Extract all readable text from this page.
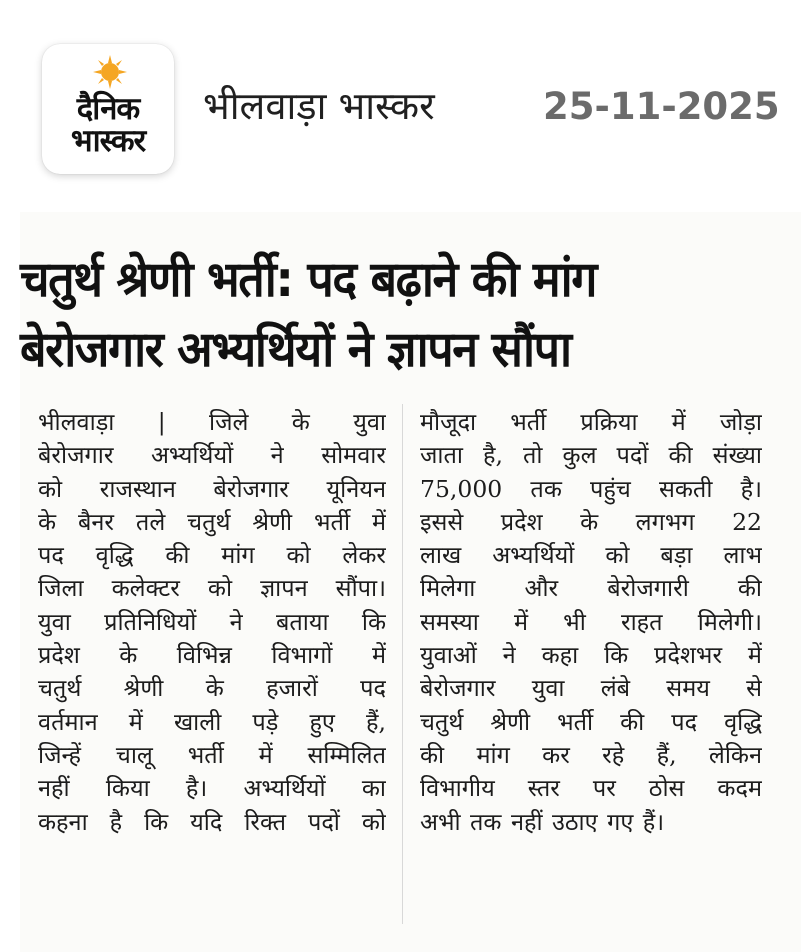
दैनिक
भास्कर
भीलवाड़ा भास्कर	25-11-2025
चतुर्थ श्रेणी भर्ती: पद बढ़ाने की मांग
बेरोजगार अभ्यर्थियों ने ज्ञापन सौंपा
भीलवाड़ा | जिले के युवा
बेरोजगार अभ्यर्थियों ने सोमवार
को राजस्थान बेरोजगार यूनियन
के बैनर तले चतुर्थ श्रेणी भर्ती में
पद वृद्धि की मांग को लेकर
जिला कलेक्टर को ज्ञापन सौंपा।
युवा प्रतिनिधियों ने बताया कि
प्रदेश के विभिन्न विभागों में
चतुर्थ श्रेणी के हजारों पद
वर्तमान में खाली पड़े हुए हैं,
जिन्हें चालू भर्ती में सम्मिलित
नहीं किया है। अभ्यर्थियों का
कहना है कि यदि रिक्त पदों को
मौजूदा भर्ती प्रक्रिया में जोड़ा
जाता है, तो कुल पदों की संख्या
75,000 तक पहुंच सकती है।
इससे प्रदेश के लगभग 22
लाख अभ्यर्थियों को बड़ा लाभ
मिलेगा और बेरोजगारी की
समस्या में भी राहत मिलेगी।
युवाओं ने कहा कि प्रदेशभर में
बेरोजगार युवा लंबे समय से
चतुर्थ श्रेणी भर्ती की पद वृद्धि
की मांग कर रहे हैं, लेकिन
विभागीय स्तर पर ठोस कदम
अभी तक नहीं उठाए गए हैं।
